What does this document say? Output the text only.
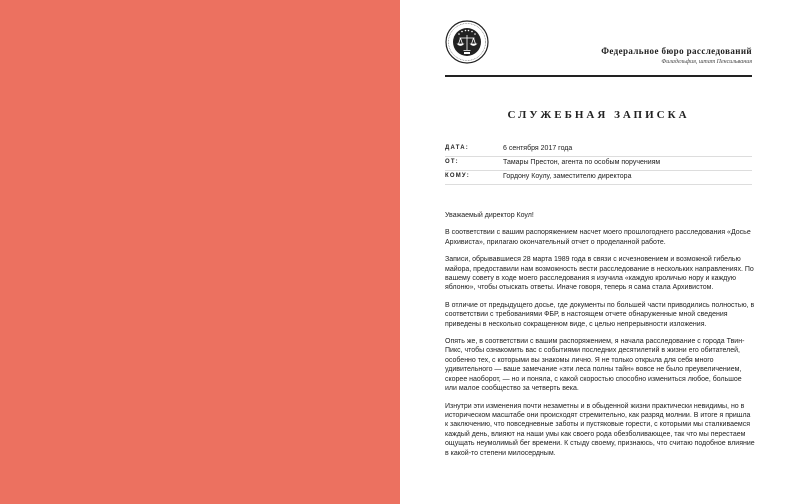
Федеральное бюро расследований
Филадельфия, штат Пенсильвания
СЛУЖЕБНАЯ ЗАПИСКА
ДАТА:	6 сентября 2017 года
ОТ:	Тамары Престон, агента по особым поручениям
КОМУ:	Гордону Коулу, заместителю директора

Уважаемый директор Коул!

В соответствии с вашим распоряжением насчет моего прошлогоднего расследования «Досье Архивиста», прилагаю окончательный отчет о проделанной работе.

Записи, обрывавшиеся 28 марта 1989 года в связи с исчезновением и возможной гибелью майора, предоставили нам возможность вести расследование в нескольких направлениях. По вашему совету в ходе моего расследования я изучила «каждую кроличью нору и каждую яблоню», чтобы отыскать ответы. Иначе говоря, теперь я сама стала Архивистом.

В отличие от предыдущего досье, где документы по большей части приводились полностью, в соответствии с требованиями ФБР, в настоящем отчете обнаруженные мной сведения приведены в несколько сокращенном виде, с целью непрерывности изложения.

Опять же, в соответствии с вашим распоряжением, я начала расследование с города Твин-Пикс, чтобы ознакомить вас с событиями последних десятилетий в жизни его обитателей, особенно тех, с которыми вы знакомы лично. Я не только открыла для себя много удивительного — ваше замечание «эти леса полны тайн» вовсе не было преувеличением, скорее наоборот, — но и поняла, с какой скоростью способно измениться любое, большое или малое сообщество за четверть века.

Изнутри эти изменения почти незаметны и в обыденной жизни практически невидимы, но в историческом масштабе они происходят стремительно, как разряд молнии. В итоге я пришла к заключению, что повседневные заботы и пустяковые горести, с которыми мы сталкиваемся каждый день, влияют на наши умы как своего рода обезболивающее, так что мы перестаем ощущать неумолимый бег времени. К стыду своему, признаюсь, что считаю подобное влияние в какой-то степени милосердным.
